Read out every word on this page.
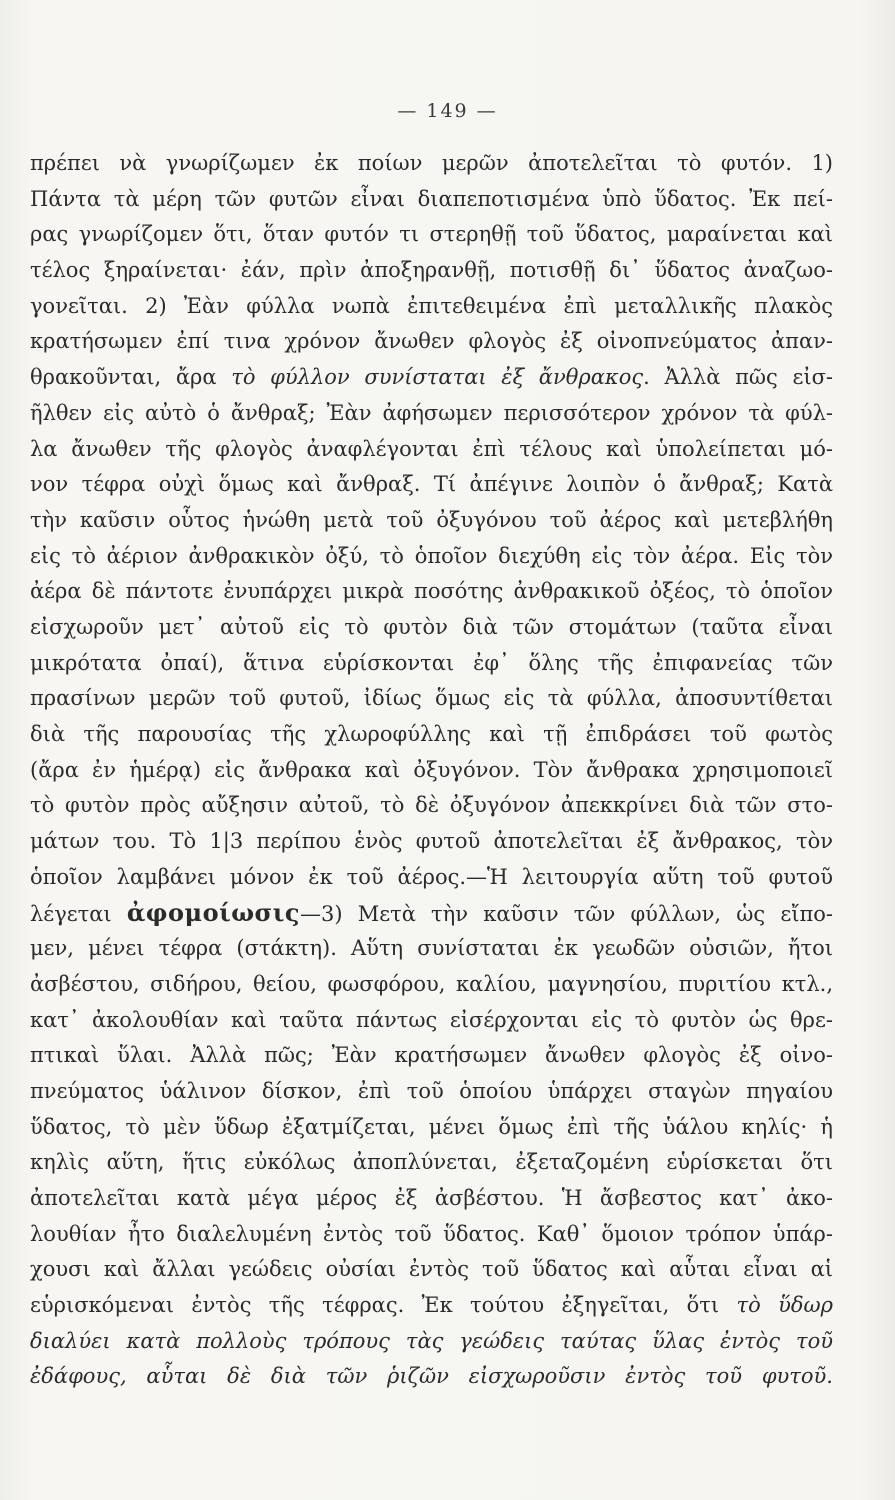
— 149 —
πρέπει νὰ γνωρίζωμεν ἐκ ποίων μερῶν ἀποτελεῖται τὸ φυτόν. 1)
Πάντα τὰ μέρη τῶν φυτῶν εἶναι διαπεποτισμένα ὑπὸ ὕδατος. Ἐκ πεί-
ρας γνωρίζομεν ὅτι, ὅταν φυτόν τι στερηθῇ τοῦ ὕδατος, μαραίνεται καὶ
τέλος ξηραίνεται· ἐάν, πρὶν ἀποξηρανθῇ, ποτισθῇ δι᾽ ὕδατος ἀναζωο-
γονεῖται. 2) Ἐὰν φύλλα νωπὰ ἐπιτεθειμένα ἐπὶ μεταλλικῆς πλακὸς
κρατήσωμεν ἐπί τινα χρόνον ἄνωθεν φλογὸς ἐξ οἰνοπνεύματος ἀπαν-
θρακοῦνται, ἄρα τὸ φύλλον συνίσταται ἐξ ἄνθρακος. Ἀλλὰ πῶς εἰσ-
ῆλθεν εἰς αὐτὸ ὁ ἄνθραξ; Ἐὰν ἀφήσωμεν περισσότερον χρόνον τὰ φύλ-
λα ἄνωθεν τῆς φλογὸς ἀναφλέγονται ἐπὶ τέλους καὶ ὑπολείπεται μό-
νον τέφρα οὐχὶ ὅμως καὶ ἄνθραξ. Τί ἀπέγινε λοιπὸν ὁ ἄνθραξ; Κατὰ
τὴν καῦσιν οὗτος ἡνώθη μετὰ τοῦ ὀξυγόνου τοῦ ἀέρος καὶ μετεβλήθη
εἰς τὸ ἀέριον ἀνθρακικὸν ὀξύ, τὸ ὁποῖον διεχύθη εἰς τὸν ἀέρα. Εἰς τὸν
ἀέρα δὲ πάντοτε ἐνυπάρχει μικρὰ ποσότης ἀνθρακικοῦ ὀξέος, τὸ ὁποῖον
εἰσχωροῦν μετ᾽ αὐτοῦ εἰς τὸ φυτὸν διὰ τῶν στομάτων (ταῦτα εἶναι
μικρότατα ὀπαί), ἅτινα εὑρίσκονται ἐφ᾽ ὅλης τῆς ἐπιφανείας τῶν
πρασίνων μερῶν τοῦ φυτοῦ, ἰδίως ὅμως εἰς τὰ φύλλα, ἀποσυντίθεται
διὰ τῆς παρουσίας τῆς χλωροφύλλης καὶ τῇ ἐπιδράσει τοῦ φωτὸς
(ἄρα ἐν ἡμέρᾳ) εἰς ἄνθρακα καὶ ὀξυγόνον. Τὸν ἄνθρακα χρησιμοποιεῖ
τὸ φυτὸν πρὸς αὔξησιν αὐτοῦ, τὸ δὲ ὀξυγόνον ἀπεκκρίνει διὰ τῶν στο-
μάτων του. Τὸ 1|3 περίπου ἑνὸς φυτοῦ ἀποτελεῖται ἐξ ἄνθρακος, τὸν
ὁποῖον λαμβάνει μόνον ἐκ τοῦ ἀέρος.—Ἡ λειτουργία αὕτη τοῦ φυτοῦ
λέγεται ἀφομοίωσις—3) Μετὰ τὴν καῦσιν τῶν φύλλων, ὡς εἴπο-
μεν, μένει τέφρα (στάκτη). Αὕτη συνίσταται ἐκ γεωδῶν οὐσιῶν, ἤτοι
ἀσβέστου, σιδήρου, θείου, φωσφόρου, καλίου, μαγνησίου, πυριτίου κτλ.,
κατ᾽ ἀκολουθίαν καὶ ταῦτα πάντως εἰσέρχονται εἰς τὸ φυτὸν ὡς θρε-
πτικαὶ ὕλαι. Ἀλλὰ πῶς; Ἐὰν κρατήσωμεν ἄνωθεν φλογὸς ἐξ οἰνο-
πνεύματος ὑάλινον δίσκον, ἐπὶ τοῦ ὁποίου ὑπάρχει σταγὼν πηγαίου
ὕδατος, τὸ μὲν ὕδωρ ἐξατμίζεται, μένει ὅμως ἐπὶ τῆς ὑάλου κηλίς· ἡ
κηλὶς αὕτη, ἥτις εὐκόλως ἀποπλύνεται, ἐξεταζομένη εὑρίσκεται ὅτι
ἀποτελεῖται κατὰ μέγα μέρος ἐξ ἀσβέστου. Ἡ ἄσβεστος κατ᾽ ἀκο-
λουθίαν ἦτο διαλελυμένη ἐντὸς τοῦ ὕδατος. Καθ᾽ ὅμοιον τρόπον ὑπάρ-
χουσι καὶ ἄλλαι γεώδεις οὐσίαι ἐντὸς τοῦ ὕδατος καὶ αὗται εἶναι αἱ
εὑρισκόμεναι ἐντὸς τῆς τέφρας. Ἐκ τούτου ἐξηγεῖται, ὅτι τὸ ὕδωρ
διαλύει κατὰ πολλοὺς τρόπους τὰς γεώδεις ταύτας ὕλας ἐντὸς τοῦ
ἐδάφους, αὗται δὲ διὰ τῶν ῥιζῶν εἰσχωροῦσιν ἐντὸς τοῦ φυτοῦ.
